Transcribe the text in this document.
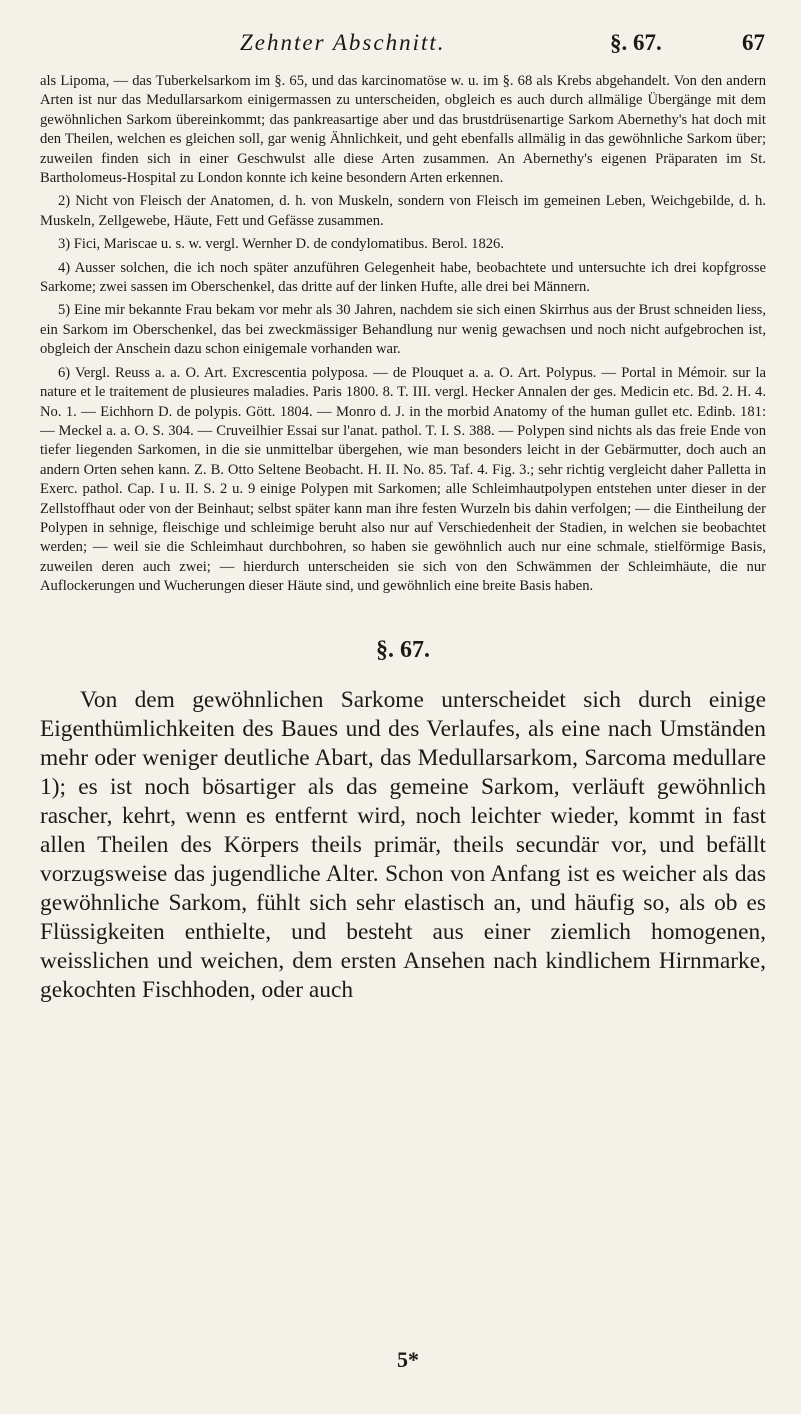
Zehnter Abschnitt.	§. 67.	67

als Lipoma, — das Tuberkelsarkom im §. 65, und das karcinomatöse w. u. im §. 68 als Krebs abgehandelt. Von den andern Arten ist nur das Medullarsarkom einigermassen zu unterscheiden, obgleich es auch durch allmälige Übergänge mit dem gewöhnlichen Sarkom übereinkommt; das pankreasartige aber und das brustdrüsenartige Sarkom Abernethy's hat doch mit den Theilen, welchen es gleichen soll, gar wenig Ähnlichkeit, und geht ebenfalls allmälig in das gewöhnliche Sarkom über; zuweilen finden sich in einer Geschwulst alle diese Arten zusammen. An Abernethy's eigenen Präparaten im St. Bartholomeus-Hospital zu London konnte ich keine besondern Arten erkennen.

2) Nicht von Fleisch der Anatomen, d. h. von Muskeln, sondern von Fleisch im gemeinen Leben, Weichgebilde, d. h. Muskeln, Zellgewebe, Häute, Fett und Gefässe zusammen.

3) Fici, Mariscae u. s. w. vergl. Wernher D. de condylomatibus. Berol. 1826.

4) Ausser solchen, die ich noch später anzuführen Gelegenheit habe, beobachtete und untersuchte ich drei kopfgrosse Sarkome; zwei sassen im Oberschenkel, das dritte auf der linken Hufte, alle drei bei Männern.

5) Eine mir bekannte Frau bekam vor mehr als 30 Jahren, nachdem sie sich einen Skirrhus aus der Brust schneiden liess, ein Sarkom im Oberschenkel, das bei zweckmässiger Behandlung nur wenig gewachsen und noch nicht aufgebrochen ist, obgleich der Anschein dazu schon einigemale vorhanden war.

6) Vergl. Reuss a. a. O. Art. Excrescentia polyposa. — de Plouquet a. a. O. Art. Polypus. — Portal in Mémoir. sur la nature et le traitement de plusieures maladies. Paris 1800. 8. T. III. vergl. Hecker Annalen der ges. Medicin etc. Bd. 2. H. 4. No. 1. — Eichhorn D. de polypis. Gött. 1804. — Monro d. J. in the morbid Anatomy of the human gullet etc. Edinb. 181: — Meckel a. a. O. S. 304. — Cruveilhier Essai sur l'anat. pathol. T. I. S. 388. — Polypen sind nichts als das freie Ende von tiefer liegenden Sarkomen, in die sie unmittelbar übergehen, wie man besonders leicht in der Gebärmutter, doch auch an andern Orten sehen kann. Z. B. Otto Seltene Beobacht. H. II. No. 85. Taf. 4. Fig. 3.; sehr richtig vergleicht daher Palletta in Exerc. pathol. Cap. I u. II. S. 2 u. 9 einige Polypen mit Sarkomen; alle Schleimhautpolypen entstehen unter dieser in der Zellstoffhaut oder von der Beinhaut; selbst später kann man ihre festen Wurzeln bis dahin verfolgen; — die Eintheilung der Polypen in sehnige, fleischige und schleimige beruht also nur auf Verschiedenheit der Stadien, in welchen sie beobachtet werden; — weil sie die Schleimhaut durchbohren, so haben sie gewöhnlich auch nur eine schmale, stielförmige Basis, zuweilen deren auch zwei; — hierdurch unterscheiden sie sich von den Schwämmen der Schleimhäute, die nur Auflockerungen und Wucherungen dieser Häute sind, und gewöhnlich eine breite Basis haben.

§. 67.

Von dem gewöhnlichen Sarkome unterscheidet sich durch einige Eigenthümlichkeiten des Baues und des Verlaufes, als eine nach Umständen mehr oder weniger deutliche Abart, das Medullarsarkom, Sarcoma medullare 1); es ist noch bösartiger als das gemeine Sarkom, verläuft gewöhnlich rascher, kehrt, wenn es entfernt wird, noch leichter wieder, kommt in fast allen Theilen des Körpers theils primär, theils secundär vor, und befällt vorzugsweise das jugendliche Alter. Schon von Anfang ist es weicher als das gewöhnliche Sarkom, fühlt sich sehr elastisch an, und häufig so, als ob es Flüssigkeiten enthielte, und besteht aus einer ziemlich homogenen, weisslichen und weichen, dem ersten Ansehen nach kindlichem Hirnmarke, gekochten Fischhoden, oder auch

5*
